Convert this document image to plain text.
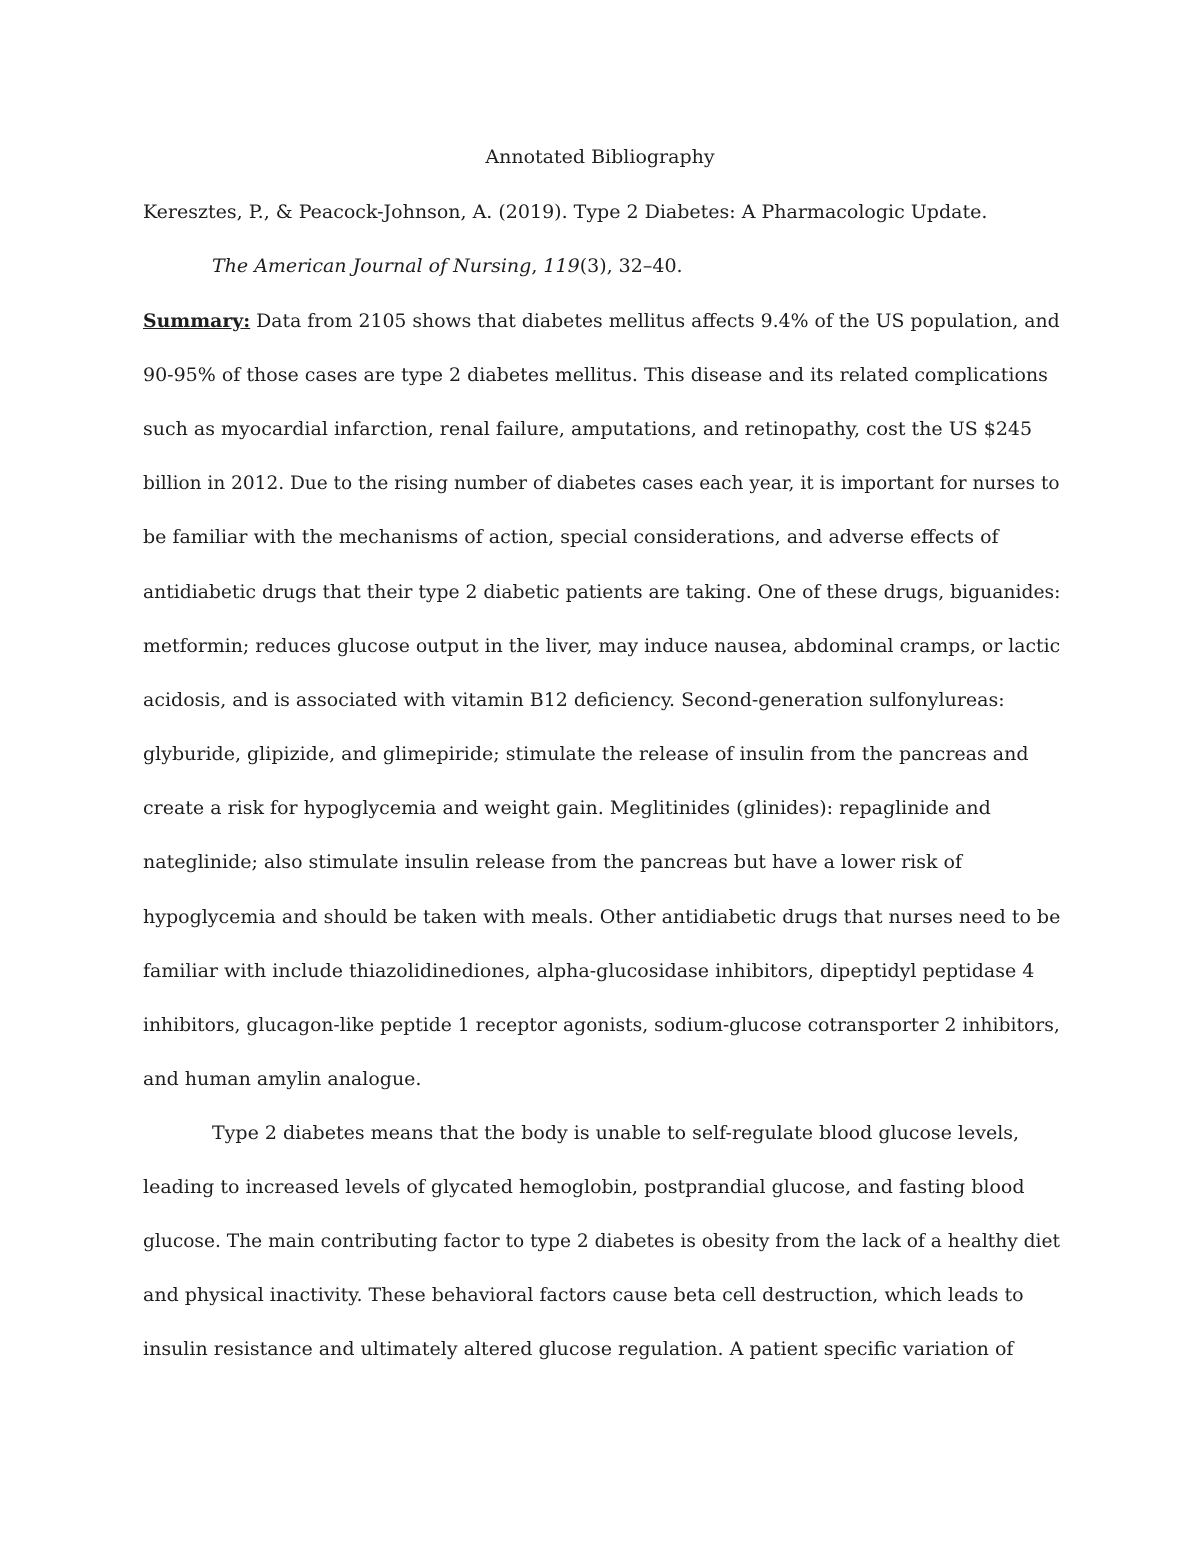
Annotated Bibliography
Keresztes, P., & Peacock-Johnson, A. (2019). Type 2 Diabetes: A Pharmacologic Update.
The American Journal of Nursing, 119(3), 32–40.
Summary: Data from 2105 shows that diabetes mellitus affects 9.4% of the US population, and
90-95% of those cases are type 2 diabetes mellitus. This disease and its related complications
such as myocardial infarction, renal failure, amputations, and retinopathy, cost the US $245
billion in 2012. Due to the rising number of diabetes cases each year, it is important for nurses to
be familiar with the mechanisms of action, special considerations, and adverse effects of
antidiabetic drugs that their type 2 diabetic patients are taking. One of these drugs, biguanides:
metformin; reduces glucose output in the liver, may induce nausea, abdominal cramps, or lactic
acidosis, and is associated with vitamin B12 deficiency. Second-generation sulfonylureas:
glyburide, glipizide, and glimepiride; stimulate the release of insulin from the pancreas and
create a risk for hypoglycemia and weight gain. Meglitinides (glinides): repaglinide and
nateglinide; also stimulate insulin release from the pancreas but have a lower risk of
hypoglycemia and should be taken with meals. Other antidiabetic drugs that nurses need to be
familiar with include thiazolidinediones, alpha-glucosidase inhibitors, dipeptidyl peptidase 4
inhibitors, glucagon-like peptide 1 receptor agonists, sodium-glucose cotransporter 2 inhibitors,
and human amylin analogue.
Type 2 diabetes means that the body is unable to self-regulate blood glucose levels,
leading to increased levels of glycated hemoglobin, postprandial glucose, and fasting blood
glucose. The main contributing factor to type 2 diabetes is obesity from the lack of a healthy diet
and physical inactivity. These behavioral factors cause beta cell destruction, which leads to
insulin resistance and ultimately altered glucose regulation. A patient specific variation of
